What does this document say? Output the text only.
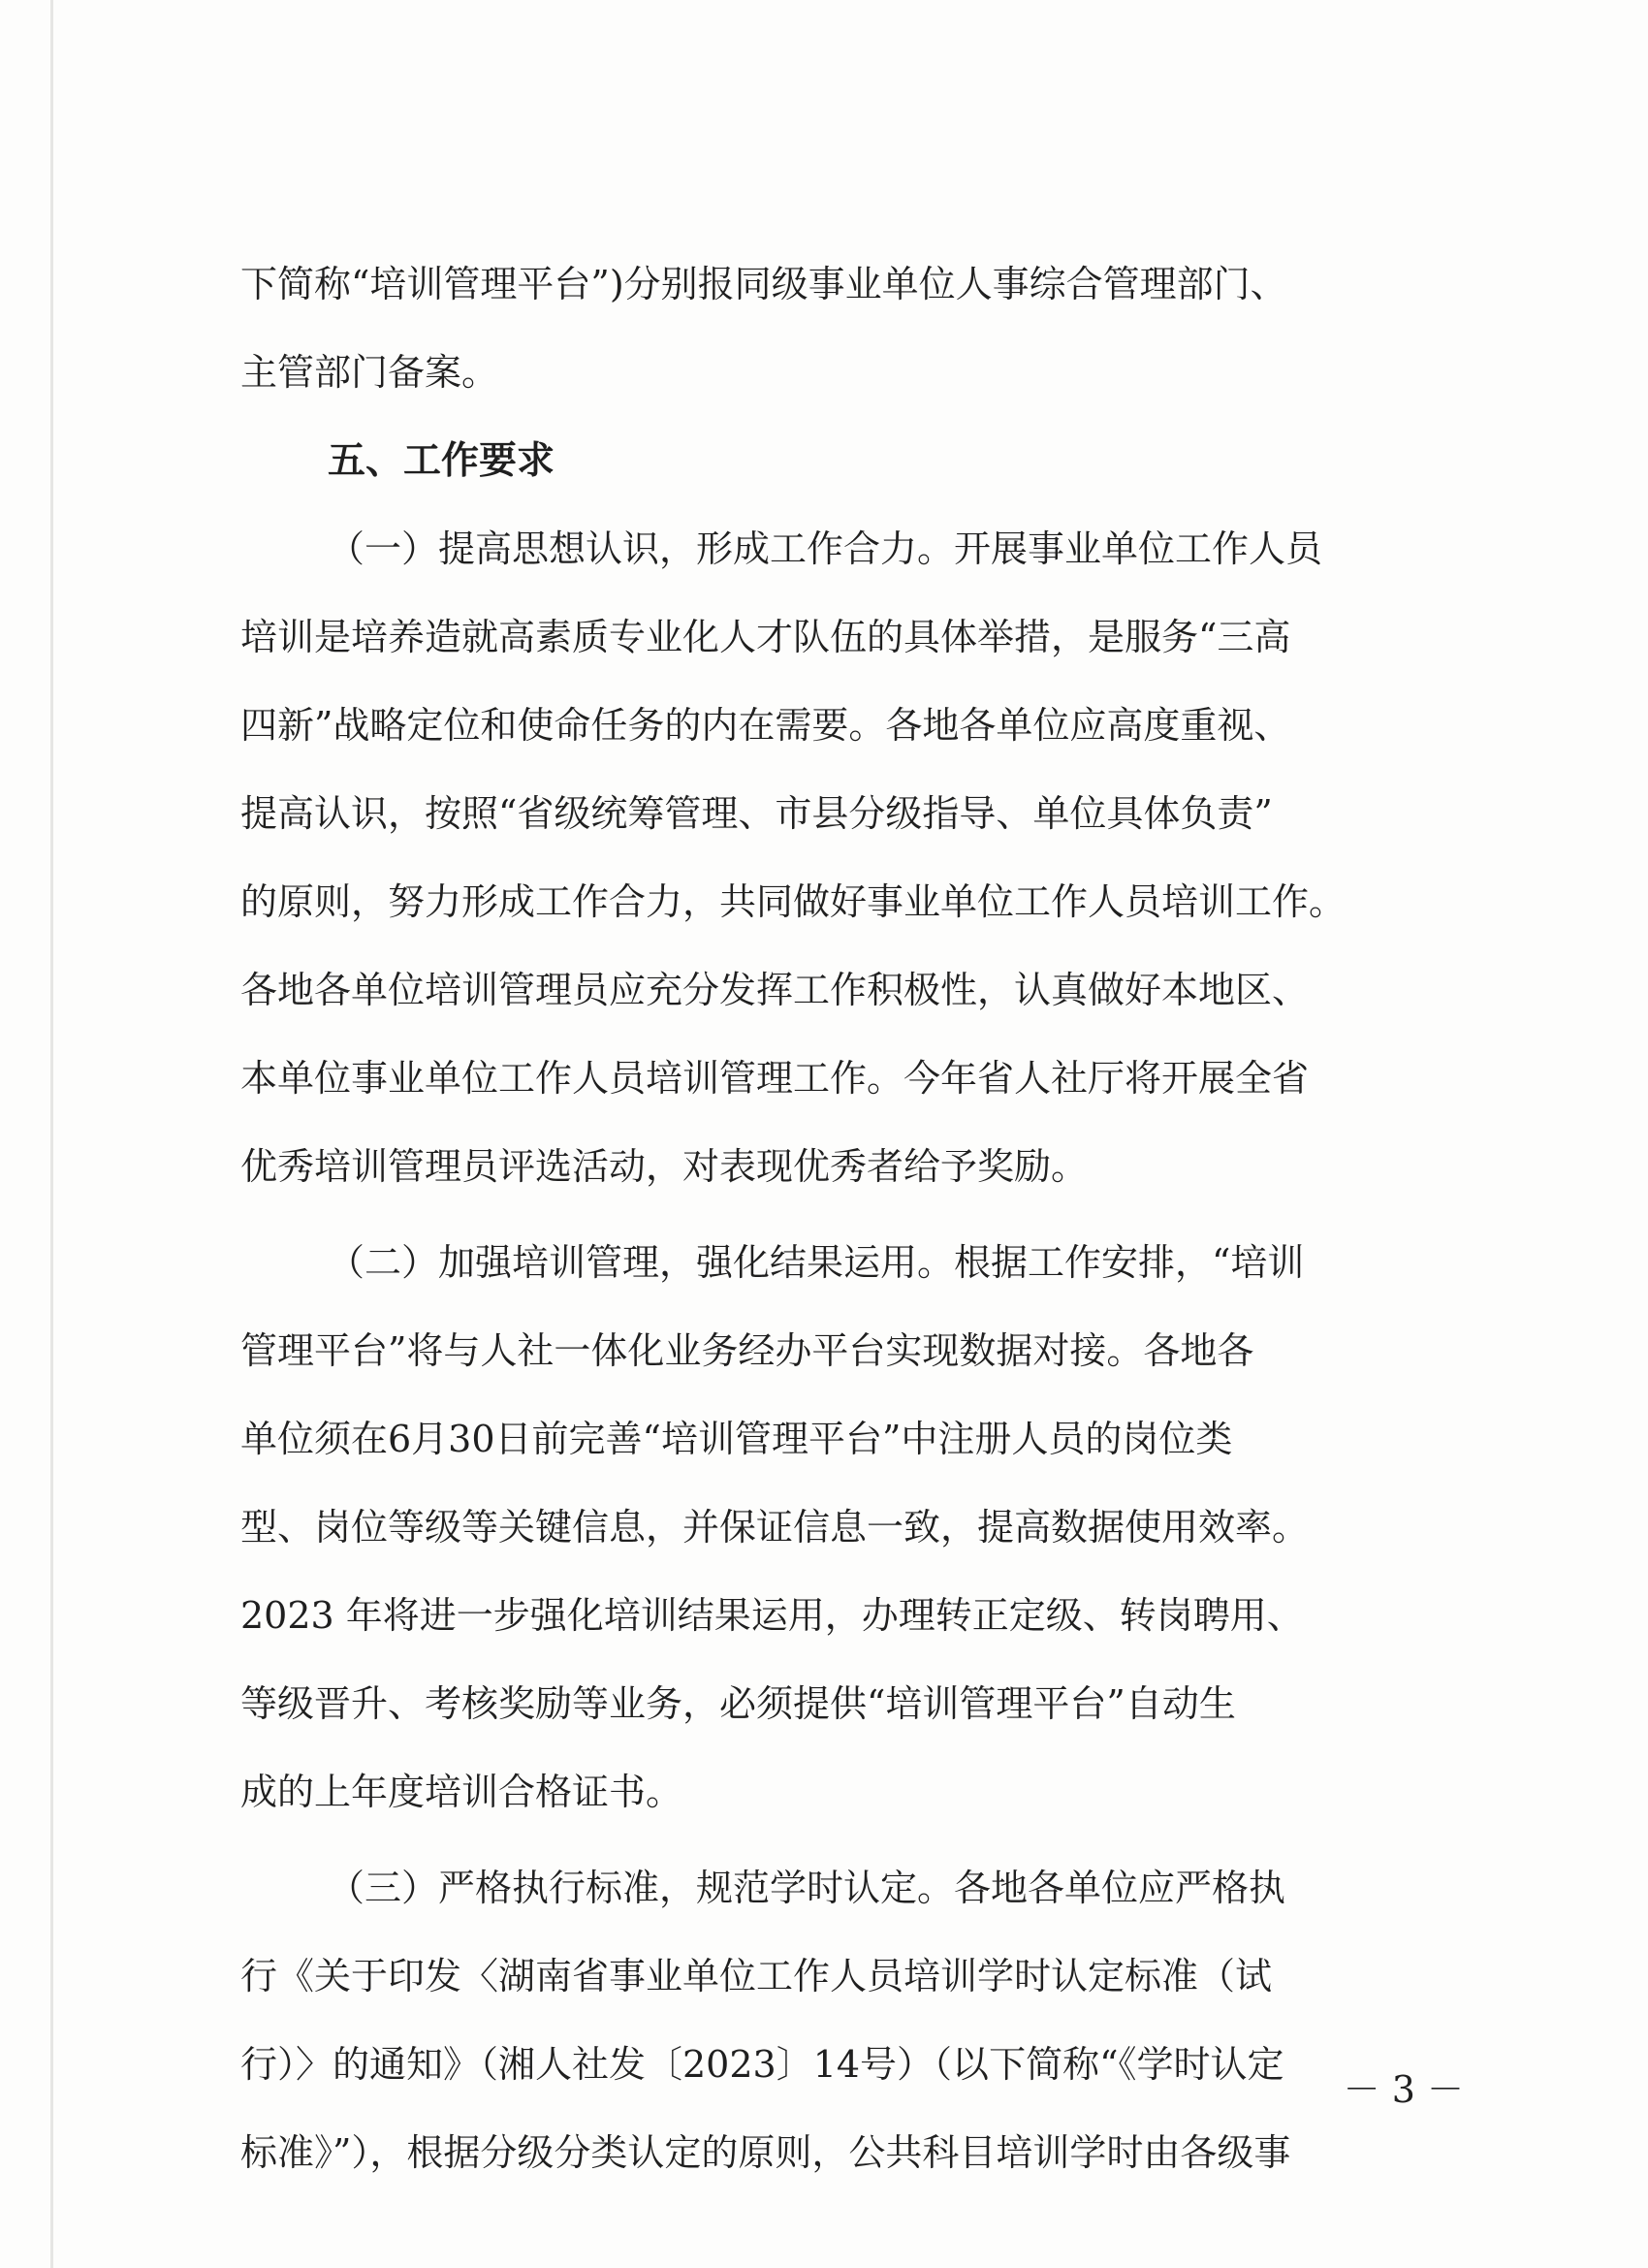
下简称“培训管理平台”)分别报同级事业单位人事综合管理部门、
主管部门备案。
五、工作要求
（一）提高思想认识，形成工作合力。开展事业单位工作人员
培训是培养造就高素质专业化人才队伍的具体举措，是服务“三高
四新”战略定位和使命任务的内在需要。各地各单位应高度重视、
提高认识，按照“省级统筹管理、市县分级指导、单位具体负责”
的原则，努力形成工作合力，共同做好事业单位工作人员培训工作。
各地各单位培训管理员应充分发挥工作积极性，认真做好本地区、
本单位事业单位工作人员培训管理工作。今年省人社厅将开展全省
优秀培训管理员评选活动，对表现优秀者给予奖励。
（二）加强培训管理，强化结果运用。根据工作安排，“培训
管理平台”将与人社一体化业务经办平台实现数据对接。各地各
单位须在6月30日前完善“培训管理平台”中注册人员的岗位类
型、岗位等级等关键信息，并保证信息一致，提高数据使用效率。
2023 年将进一步强化培训结果运用，办理转正定级、转岗聘用、
等级晋升、考核奖励等业务，必须提供“培训管理平台”自动生
成的上年度培训合格证书。
（三）严格执行标准，规范学时认定。各地各单位应严格执
行《关于印发〈湖南省事业单位工作人员培训学时认定标准（试
行）〉的通知》（湘人社发〔2023〕14号）（以下简称“《学时认定
标准》”），根据分级分类认定的原则，公共科目培训学时由各级事
－ 3 －
